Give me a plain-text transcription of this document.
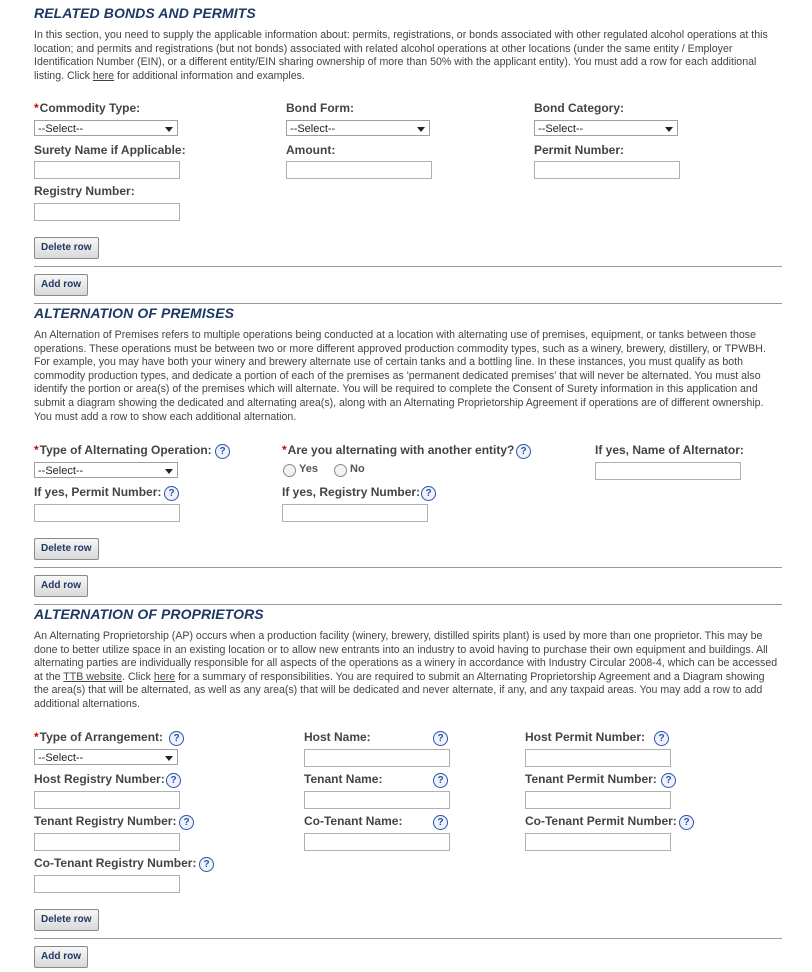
RELATED BONDS AND PERMITS
In this section, you need to supply the applicable information about: permits, registrations, or bonds associated with other regulated alcohol operations at this location; and permits and registrations (but not bonds) associated with related alcohol operations at other locations (under the same entity / Employer Identification Number (EIN), or a different entity/EIN sharing ownership of more than 50% with the applicant entity). You must add a row for each additional listing. Click here for additional information and examples.
*Commodity Type:
--Select--
Bond Form:
--Select--
Bond Category:
--Select--
Surety Name if Applicable:	Amount:	Permit Number:
Registry Number:
Delete row
Add row
ALTERNATION OF PREMISES
An Alternation of Premises refers to multiple operations being conducted at a location with alternating use of premises, equipment, or tanks between those operations. These operations must be between two or more different approved production commodity types, such as a winery, brewery, distillery, or TPWBH. For example, you may have both your winery and brewery alternate use of certain tanks and a bottling line. In these instances, you must qualify as both commodity production types, and dedicate a portion of each of the premises as 'permanent dedicated premises' that will never be alternated. You must also identify the portion or area(s) of the premises which will alternate. You will be required to complete the Consent of Surety information in this application and submit a diagram showing the dedicated and alternating area(s), along with an Alternating Proprietorship Agreement if operations are of different ownership. You must add a row to show each additional alternation.
*Type of Alternating Operation: ?
--Select--
*Are you alternating with another entity? ?
Yes	No
If yes, Name of Alternator:
If yes, Permit Number: ?	If yes, Registry Number: ?
Delete row
Add row
ALTERNATION OF PROPRIETORS
An Alternating Proprietorship (AP) occurs when a production facility (winery, brewery, distilled spirits plant) is used by more than one proprietor. This may be done to better utilize space in an existing location or to allow new entrants into an industry to avoid having to purchase their own equipment and buildings. All alternating parties are individually responsible for all aspects of the operations as a winery in accordance with Industry Circular 2008-4, which can be accessed at the TTB website. Click here for a summary of responsibilities. You are required to submit an Alternating Proprietorship Agreement and a Diagram showing the area(s) that will be alternated, as well as any area(s) that will be dedicated and never alternate, if any, and any taxpaid areas. You may add a row to add additional alternations.
*Type of Arrangement:	?
--Select--
Host Name:	?	Host Permit Number:	?
Host Registry Number: ?	Tenant Name:	?	Tenant Permit Number: ?
Tenant Registry Number: ?	Co-Tenant Name:	?	Co-Tenant Permit Number: ?
Co-Tenant Registry Number: ?
Delete row
Add row
